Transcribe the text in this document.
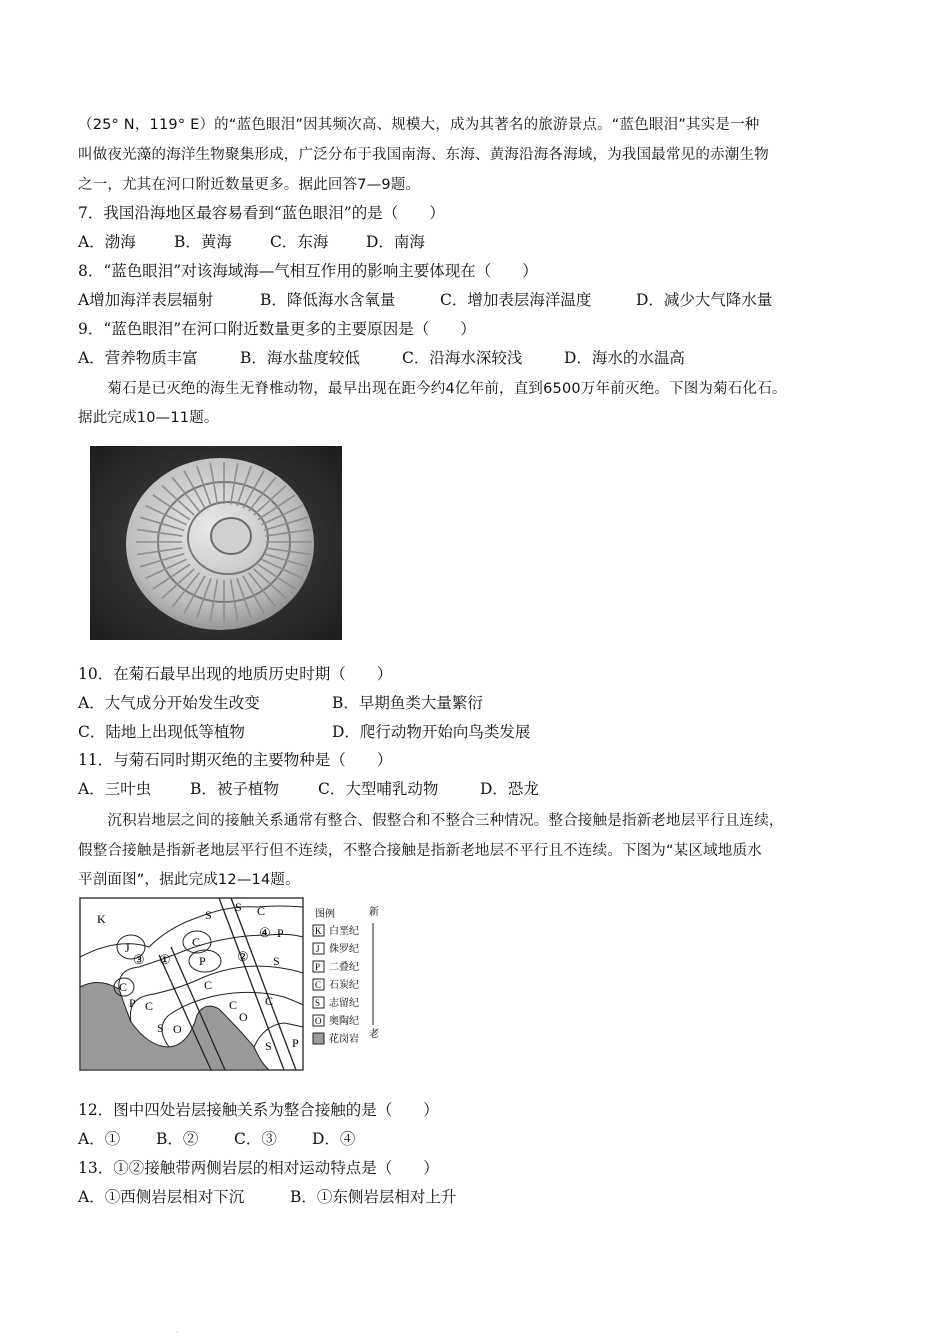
（25° N，119° E）的“蓝色眼泪”因其频次高、规模大，成为其著名的旅游景点。“蓝色眼泪”其实是一种
叫做夜光藻的海洋生物聚集形成，广泛分布于我国南海、东海、黄海沿海各海域，为我国最常见的赤潮生物
之一，尤其在河口附近数量更多。据此回答7—9题。
7．我国沿海地区最容易看到“蓝色眼泪”的是（　　）
A．渤海 B．黄海 C．东海 D．南海
8．“蓝色眼泪”对该海域海—气相互作用的影响主要体现在（　　）
A增加海洋表层辐射	B．降低海水含氧量	C．增加表层海洋温度	D．减少大气降水量
9．“蓝色眼泪”在河口附近数量更多的主要原因是（　　）
A．营养物质丰富	B．海水盐度较低	C．沿海水深较浅	D．海水的水温高
　　菊石是已灭绝的海生无脊椎动物，最早出现在距今约4亿年前，直到6500万年前灭绝。下图为菊石化石。
据此完成10—11题。
10．在菊石最早出现的地质历史时期（　　）
A．大气成分开始发生改变	B．早期鱼类大量繁衍
C．陆地上出现低等植物	D．爬行动物开始向鸟类发展
11．与菊石同时期灭绝的主要物种是（　　）
A．三叶虫	B．被子植物	C．大型哺乳动物	D．恐龙
　　沉积岩地层之间的接触关系通常有整合、假整合和不整合三种情况。整合接触是指新老地层平行且连续，
假整合接触是指新老地层平行但不连续，不整合接触是指新老地层不平行且不连续。下图为“某区域地质水
平剖面图”，据此完成12—14题。
K
J
S
S C
P
C
P
C
P
C
S
C
S O
C
O
C
S P
③ ①	②
④
图例
K 白垩纪
J 侏罗纪
P 二叠纪
C 石炭纪
S 志留纪
O 奥陶纪
花岗岩
新
老
12．图中四处岩层接触关系为整合接触的是（　　）
A．① B．② C．③ D．④
13．①②接触带两侧岩层的相对运动特点是（　　）
A．①西侧岩层相对下沉	B．①东侧岩层相对上升
·
